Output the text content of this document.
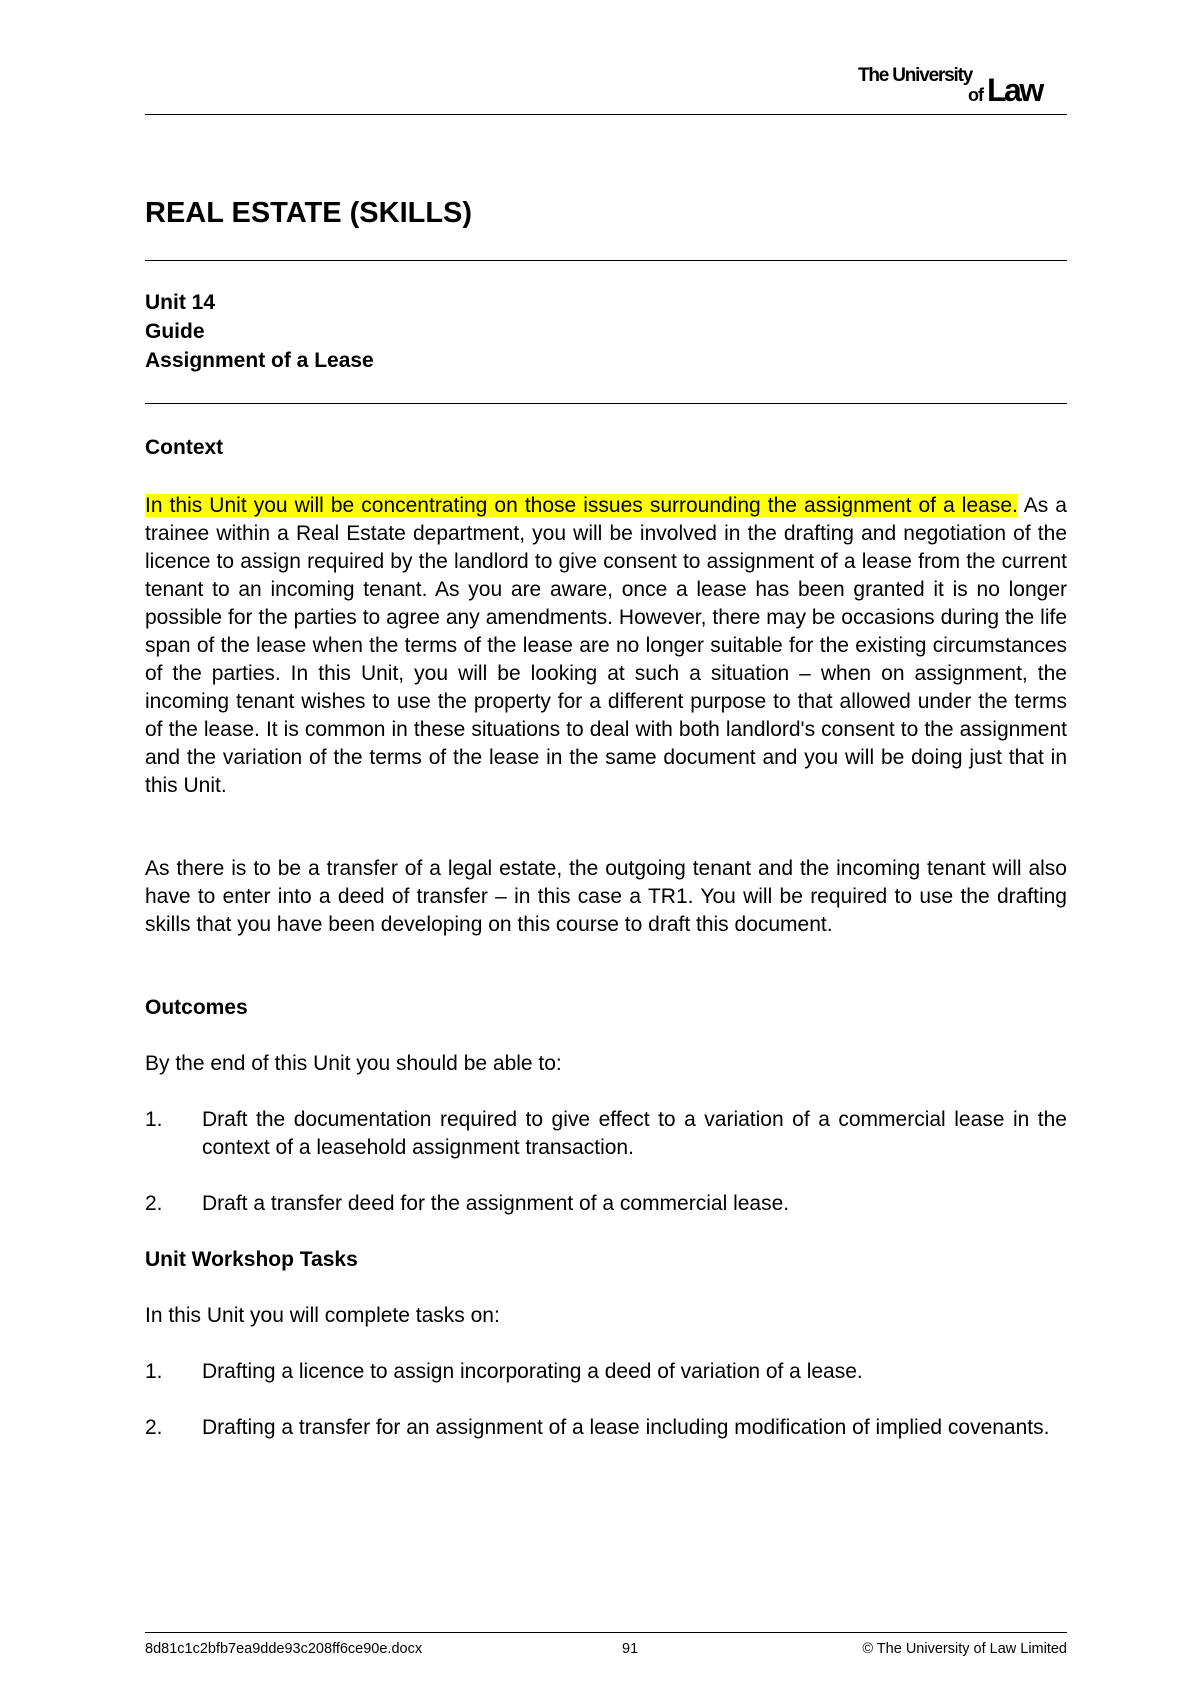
The University
of Law
REAL ESTATE (SKILLS)
Unit 14
Guide
Assignment of a Lease
Context
In this Unit you will be concentrating on those issues surrounding the assignment of a lease. As a trainee within a Real Estate department, you will be involved in the drafting and negotiation of the licence to assign required by the landlord to give consent to assignment of a lease from the current tenant to an incoming tenant. As you are aware, once a lease has been granted it is no longer possible for the parties to agree any amendments. However, there may be occasions during the life span of the lease when the terms of the lease are no longer suitable for the existing circumstances of the parties. In this Unit, you will be looking at such a situation – when on assignment, the incoming tenant wishes to use the property for a different purpose to that allowed under the terms of the lease. It is common in these situations to deal with both landlord's consent to the assignment and the variation of the terms of the lease in the same document and you will be doing just that in this Unit.
As there is to be a transfer of a legal estate, the outgoing tenant and the incoming tenant will also have to enter into a deed of transfer – in this case a TR1. You will be required to use the drafting skills that you have been developing on this course to draft this document.
Outcomes
By the end of this Unit you should be able to:
1. Draft the documentation required to give effect to a variation of a commercial lease in the context of a leasehold assignment transaction.
2. Draft a transfer deed for the assignment of a commercial lease.
Unit Workshop Tasks
In this Unit you will complete tasks on:
1. Drafting a licence to assign incorporating a deed of variation of a lease.
2. Drafting a transfer for an assignment of a lease including modification of implied covenants.
8d81c1c2bfb7ea9dde93c208ff6ce90e.docx	91	© The University of Law Limited
